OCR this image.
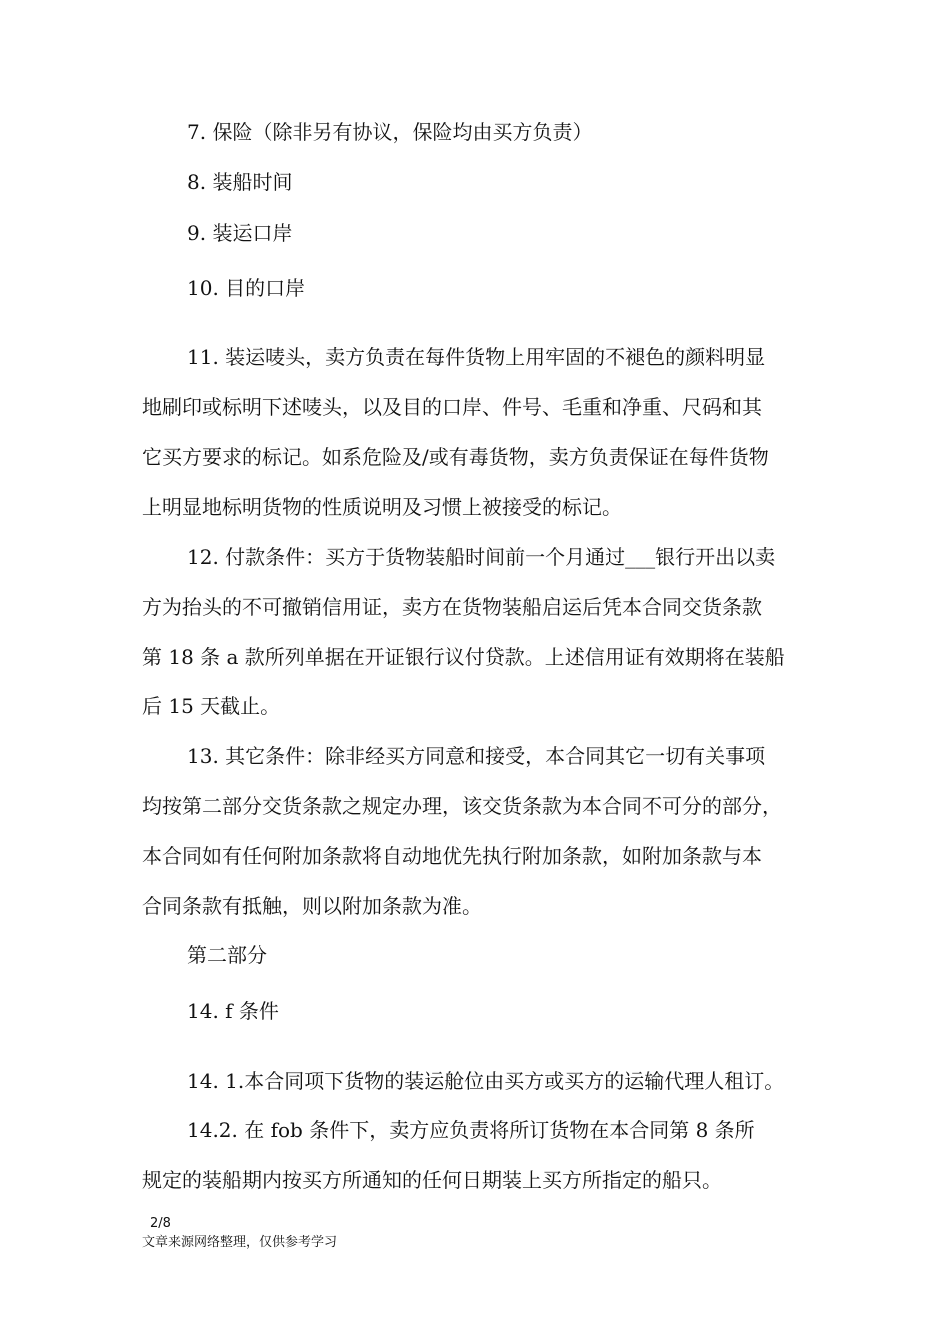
7. 保险（除非另有协议，保险均由买方负责）
8. 装船时间
9. 装运口岸
10. 目的口岸
11. 装运唛头，卖方负责在每件货物上用牢固的不褪色的颜料明显
地刷印或标明下述唛头，以及目的口岸、件号、毛重和净重、尺码和其
它买方要求的标记。如系危险及/或有毒货物，卖方负责保证在每件货物
上明显地标明货物的性质说明及习惯上被接受的标记。
12. 付款条件：买方于货物装船时间前一个月通过___银行开出以卖
方为抬头的不可撤销信用证，卖方在货物装船启运后凭本合同交货条款
第 18 条 a 款所列单据在开证银行议付贷款。上述信用证有效期将在装船
后 15 天截止。
13. 其它条件：除非经买方同意和接受，本合同其它一切有关事项
均按第二部分交货条款之规定办理，该交货条款为本合同不可分的部分，
本合同如有任何附加条款将自动地优先执行附加条款，如附加条款与本
合同条款有抵触，则以附加条款为准。
第二部分
14. f 条件
14. 1.本合同项下货物的装运舱位由买方或买方的运输代理人租订。
14.2. 在 fob 条件下，卖方应负责将所订货物在本合同第 8 条所
规定的装船期内按买方所通知的任何日期装上买方所指定的船只。
2/8
文章来源网络整理，仅供参考学习
